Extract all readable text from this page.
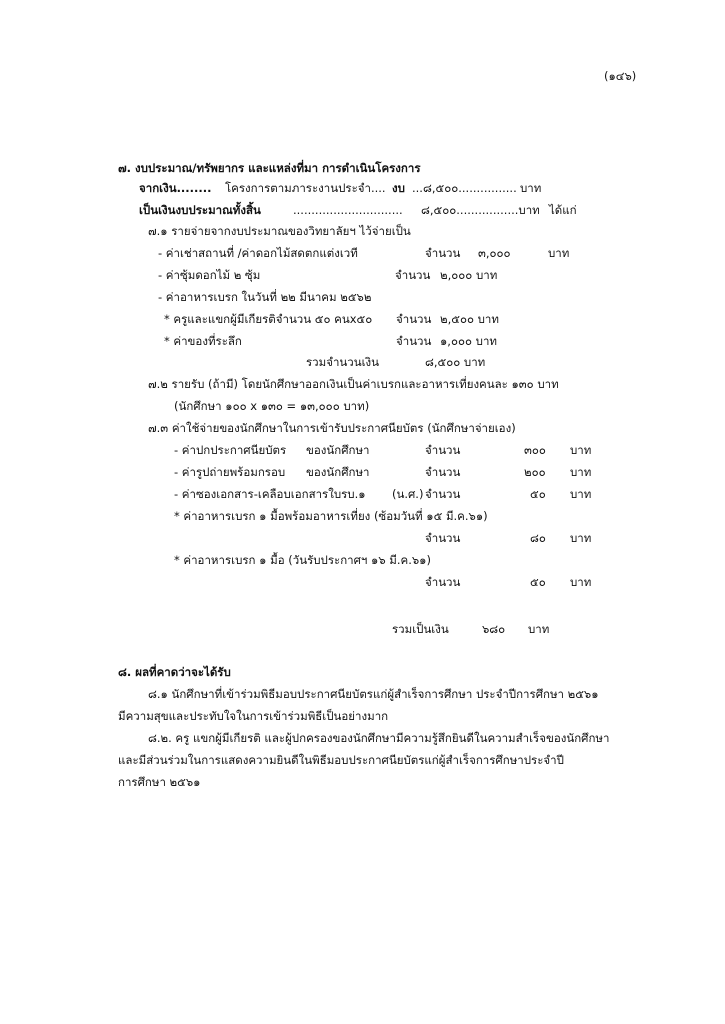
(๑๔๖)
๗. งบประมาณ/ทรัพยากร และแหล่งที่มา การดำเนินโครงการ
จากเงิน........ โครงการตามภาระงานประจำ.... งบ ...๘,๕๐๐................ บาท
เป็นเงินงบประมาณทั้งสิ้น	.............................. ๘,๕๐๐.................บาท ได้แก่
๗.๑ รายจ่ายจากงบประมาณของวิทยาลัยฯ ไว้จ่ายเป็น
- ค่าเช่าสถานที่ /ค่าดอกไม้สดตกแต่งเวที	จำนวน ๓,๐๐๐	บาท
- ค่าซุ้มดอกไม้ ๒ ซุ้ม	จำนวน ๒,๐๐๐ บาท
- ค่าอาหารเบรก ในวันที่ ๒๒ มีนาคม ๒๕๖๒
* ครูและแขกผู้มีเกียรติจำนวน ๕๐ คนx๕๐ จำนวน ๒,๕๐๐ บาท
* ค่าของที่ระลึก	จำนวน ๑,๐๐๐ บาท
รวมจำนวนเงิน	๘,๕๐๐ บาท
๗.๒ รายรับ (ถ้ามี) โดยนักศึกษาออกเงินเป็นค่าเบรกและอาหารเที่ยงคนละ ๑๓๐ บาท
(นักศึกษา ๑๐๐ x ๑๓๐ = ๑๓,๐๐๐ บาท)
๗.๓ ค่าใช้จ่ายของนักศึกษาในการเข้ารับประกาศนียบัตร (นักศึกษาจ่ายเอง)
- ค่าปกประกาศนียบัตร ของนักศึกษา	จำนวน	๓๐๐ บาท
- ค่ารูปถ่ายพร้อมกรอบ ของนักศึกษา	จำนวน	๒๐๐ บาท
- ค่าซองเอกสาร-เคลือบเอกสารใบรบ.๑ (น.ศ.) จำนวน	๕๐ บาท
* ค่าอาหารเบรก ๑ มื้อพร้อมอาหารเที่ยง (ซ้อมวันที่ ๑๕ มี.ค.๖๑)
จำนวน	๘๐ บาท
* ค่าอาหารเบรก ๑ มื้อ (วันรับประกาศฯ ๑๖ มี.ค.๖๑)
จำนวน	๕๐ บาท
รวมเป็นเงิน	๖๘๐ บาท
๘. ผลที่คาดว่าจะได้รับ
๘.๑ นักศึกษาที่เข้าร่วมพิธีมอบประกาศนียบัตรแก่ผู้สำเร็จการศึกษา ประจำปีการศึกษา ๒๕๖๑
มีความสุขและประทับใจในการเข้าร่วมพิธีเป็นอย่างมาก
๘.๒. ครู แขกผู้มีเกียรติ และผู้ปกครองของนักศึกษามีความรู้สึกยินดีในความสำเร็จของนักศึกษา
และมีส่วนร่วมในการแสดงความยินดีในพิธีมอบประกาศนียบัตรแก่ผู้สำเร็จการศึกษาประจำปี
การศึกษา ๒๕๖๑
